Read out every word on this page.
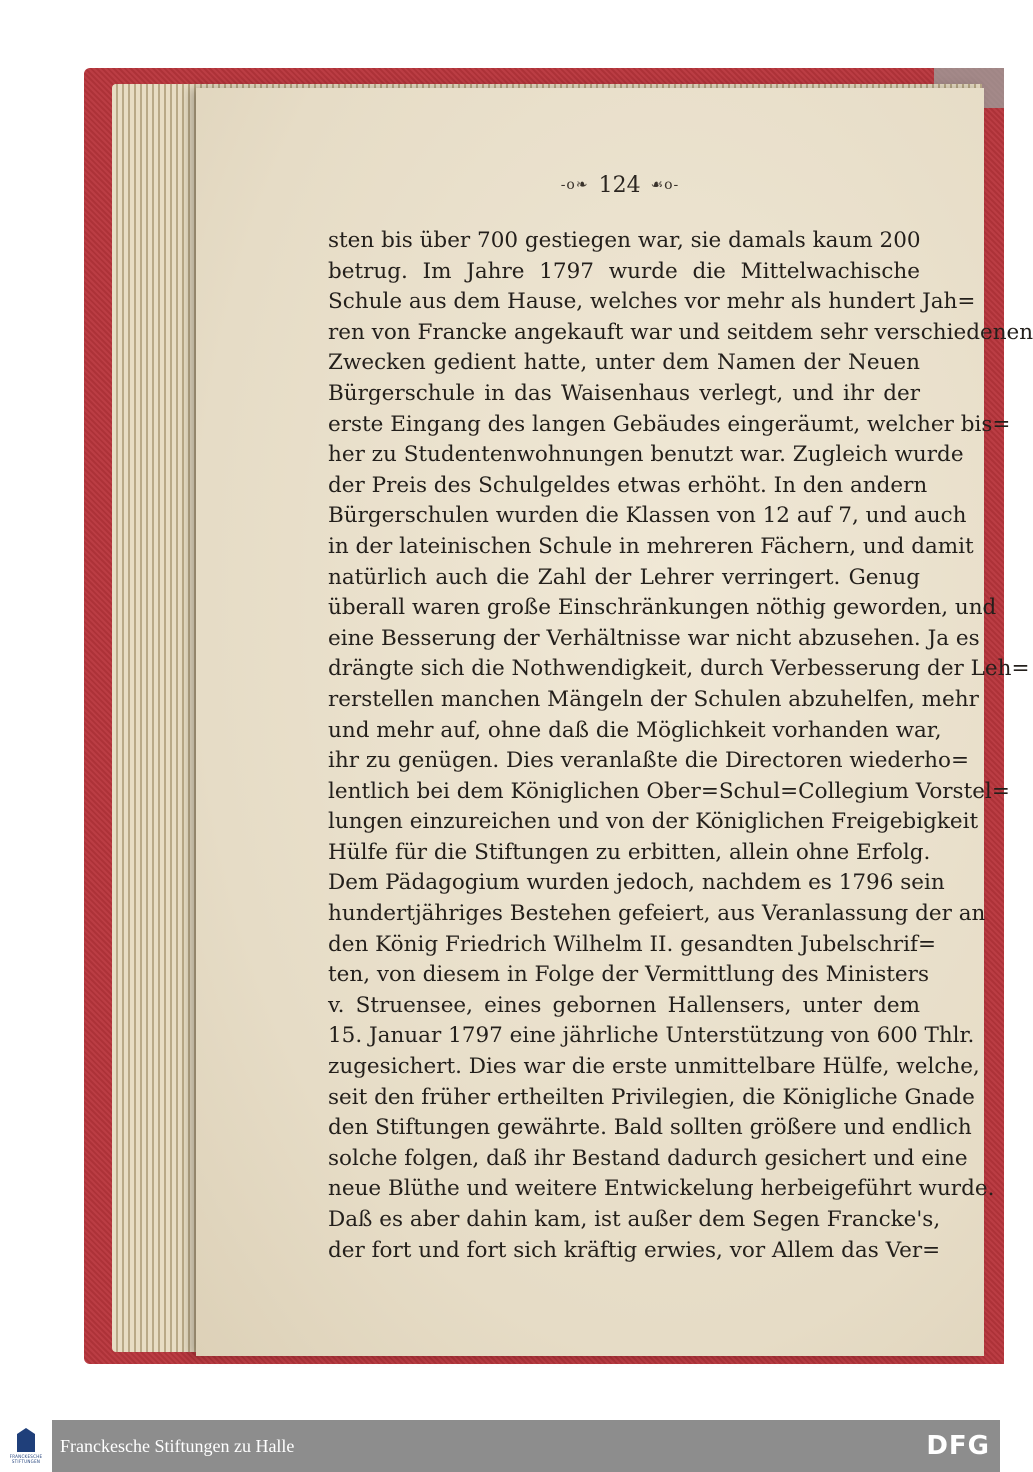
-o❧ 124 ☙o-
sten bis über 700 gestiegen war, sie damals kaum 200
betrug. Im Jahre 1797 wurde die Mittelwachische
Schule aus dem Hause, welches vor mehr als hundert Jah=
ren von Francke angekauft war und seitdem sehr verschiedenen
Zwecken gedient hatte, unter dem Namen der Neuen
Bürgerschule in das Waisenhaus verlegt, und ihr der
erste Eingang des langen Gebäudes eingeräumt, welcher bis=
her zu Studentenwohnungen benutzt war. Zugleich wurde
der Preis des Schulgeldes etwas erhöht. In den andern
Bürgerschulen wurden die Klassen von 12 auf 7, und auch
in der lateinischen Schule in mehreren Fächern, und damit
natürlich auch die Zahl der Lehrer verringert. Genug
überall waren große Einschränkungen nöthig geworden, und
eine Besserung der Verhältnisse war nicht abzusehen. Ja es
drängte sich die Nothwendigkeit, durch Verbesserung der Leh=
rerstellen manchen Mängeln der Schulen abzuhelfen, mehr
und mehr auf, ohne daß die Möglichkeit vorhanden war,
ihr zu genügen. Dies veranlaßte die Directoren wiederho=
lentlich bei dem Königlichen Ober=Schul=Collegium Vorstel=
lungen einzureichen und von der Königlichen Freigebigkeit
Hülfe für die Stiftungen zu erbitten, allein ohne Erfolg.
Dem Pädagogium wurden jedoch, nachdem es 1796 sein
hundertjähriges Bestehen gefeiert, aus Veranlassung der an
den König Friedrich Wilhelm II. gesandten Jubelschrif=
ten, von diesem in Folge der Vermittlung des Ministers
v. Struensee, eines gebornen Hallensers, unter dem
15. Januar 1797 eine jährliche Unterstützung von 600 Thlr.
zugesichert. Dies war die erste unmittelbare Hülfe, welche,
seit den früher ertheilten Privilegien, die Königliche Gnade
den Stiftungen gewährte. Bald sollten größere und endlich
solche folgen, daß ihr Bestand dadurch gesichert und eine
neue Blüthe und weitere Entwickelung herbeigeführt wurde.
Daß es aber dahin kam, ist außer dem Segen Francke's,
der fort und fort sich kräftig erwies, vor Allem das Ver=
FRANCKESCHE STIFTUNGEN
Franckesche Stiftungen zu Halle	DFG
